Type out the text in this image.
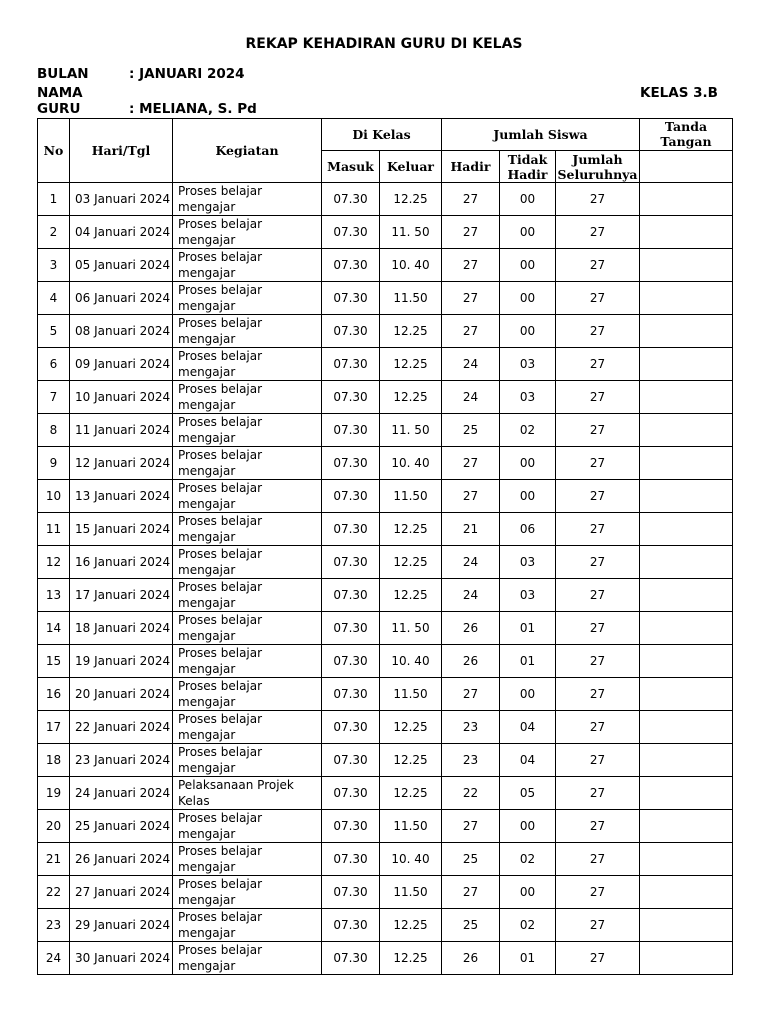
REKAP KEHADIRAN GURU DI KELAS
BULAN	: JANUARI 2024
NAMA GURU	: MELIANA, S. Pd
KELAS 3.B
No	Hari/Tgl	Kegiatan	Di Kelas		Jumlah Siswa			Tanda Tangan
			Masuk	Keluar	Hadir	Tidak Hadir	Jumlah Seluruhnya	
1	03 Januari 2024	Proses belajar mengajar	07.30	12.25	27	00	27	
2	04 Januari 2024	Proses belajar mengajar	07.30	11. 50	27	00	27	
3	05 Januari 2024	Proses belajar mengajar	07.30	10. 40	27	00	27	
4	06 Januari 2024	Proses belajar mengajar	07.30	11.50	27	00	27	
5	08 Januari 2024	Proses belajar mengajar	07.30	12.25	27	00	27	
6	09 Januari 2024	Proses belajar mengajar	07.30	12.25	24	03	27	
7	10 Januari 2024	Proses belajar mengajar	07.30	12.25	24	03	27	
8	11 Januari 2024	Proses belajar mengajar	07.30	11. 50	25	02	27	
9	12 Januari 2024	Proses belajar mengajar	07.30	10. 40	27	00	27	
10	13 Januari 2024	Proses belajar mengajar	07.30	11.50	27	00	27	
11	15 Januari 2024	Proses belajar mengajar	07.30	12.25	21	06	27	
12	16 Januari 2024	Proses belajar mengajar	07.30	12.25	24	03	27	
13	17 Januari 2024	Proses belajar mengajar	07.30	12.25	24	03	27	
14	18 Januari 2024	Proses belajar mengajar	07.30	11. 50	26	01	27	
15	19 Januari 2024	Proses belajar mengajar	07.30	10. 40	26	01	27	
16	20 Januari 2024	Proses belajar mengajar	07.30	11.50	27	00	27	
17	22 Januari 2024	Proses belajar mengajar	07.30	12.25	23	04	27	
18	23 Januari 2024	Proses belajar mengajar	07.30	12.25	23	04	27	
19	24 Januari 2024	Pelaksanaan Projek Kelas	07.30	12.25	22	05	27	
20	25 Januari 2024	Proses belajar mengajar	07.30	11.50	27	00	27	
21	26 Januari 2024	Proses belajar mengajar	07.30	10. 40	25	02	27	
22	27 Januari 2024	Proses belajar mengajar	07.30	11.50	27	00	27	
23	29 Januari 2024	Proses belajar mengajar	07.30	12.25	25	02	27	
24	30 Januari 2024	Proses belajar mengajar	07.30	12.25	26	01	27	
